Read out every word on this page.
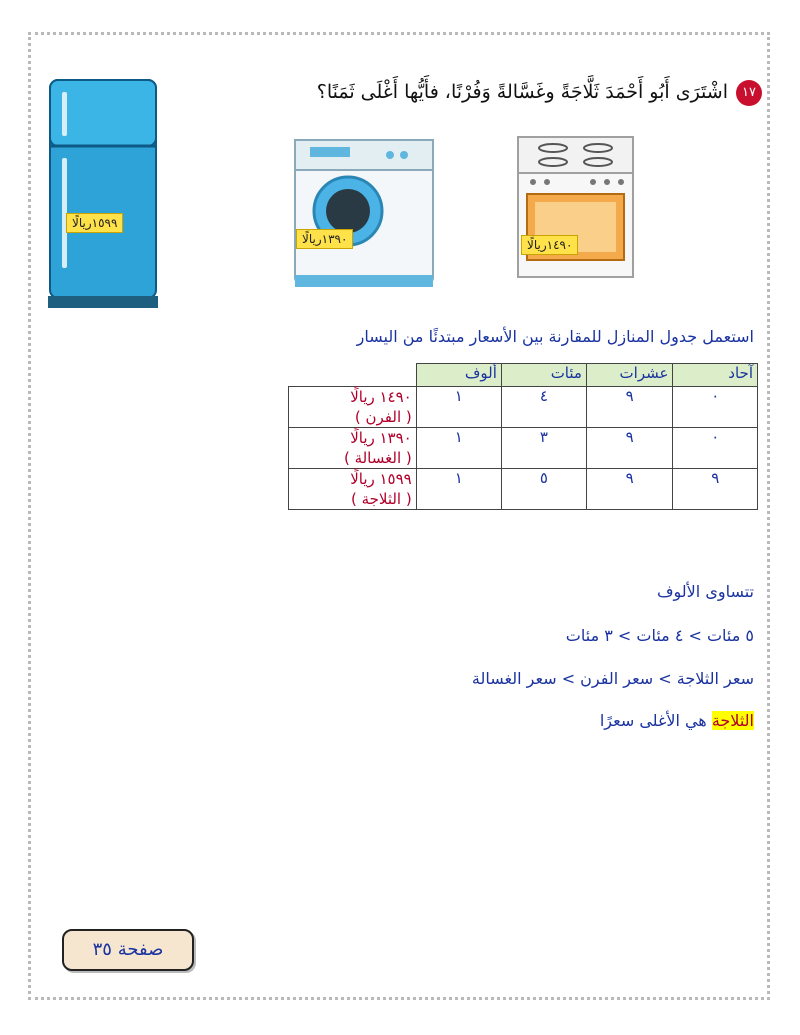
١٧اشْتَرَى أَبُو أَحْمَدَ ثَلَّاجَةً وغَسَّالةً وَفُرْنًا، فأَيُّها أَغْلَى ثَمَنًا؟
١٥٩٩ريالًا
١٣٩٠ريالًا	١٤٩٠ريالًا
استعمل جدول المنازل للمقارنة بين الأسعار مبتدئًا من اليسار
آحاد	عشرات	مئات	ألوف	
٠	٩	٤	١	١٤٩٠ ريالًا
( الفرن )

٠	٩	٣	١	١٣٩٠ ريالًا
( الغسالة )

٩	٩	٥	١	١٥٩٩ ريالًا
( الثلاجة )
تتساوى الألوف
٥ مئات > ٤ مئات > ٣ مئات
سعر الثلاجة > سعر الفرن > سعر الغسالة
الثلاجة هي الأغلى سعرًا
صفحة ٣٥
